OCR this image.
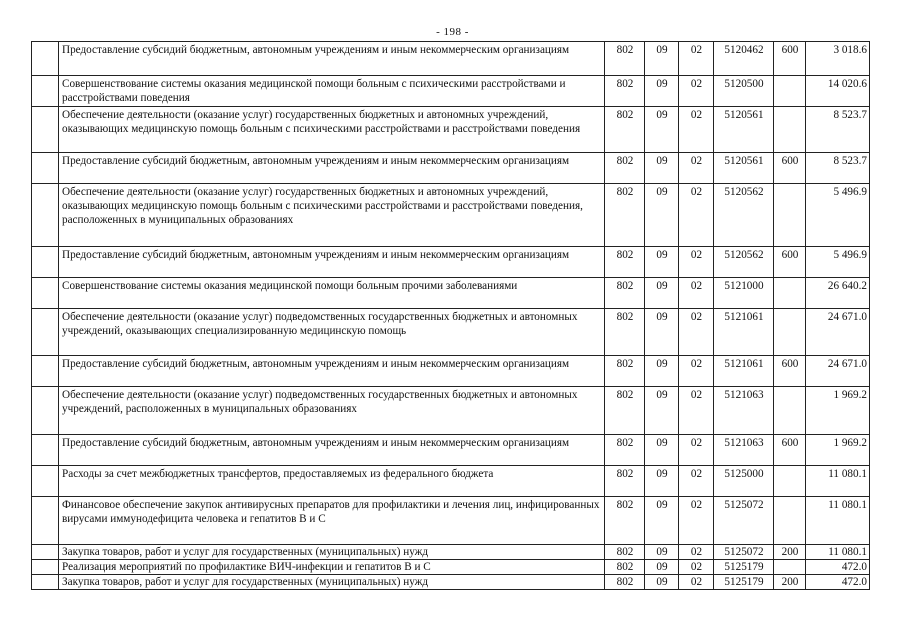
- 198 -
	Предоставление субсидий бюджетным, автономным учреждениям и иным некоммерческим организациям	802	09	02	5120462	600	3 018.6
	Совершенствование системы оказания медицинской помощи больным с психическими расстройствами и расстройствами поведения	802	09	02	5120500		14 020.6
	Обеспечение деятельности (оказание услуг) государственных бюджетных и автономных учреждений, оказывающих медицинскую помощь больным с психическими расстройствами и расстройствами поведения	802	09	02	5120561		8 523.7
	Предоставление субсидий бюджетным, автономным учреждениям и иным некоммерческим организациям	802	09	02	5120561	600	8 523.7
	Обеспечение деятельности (оказание услуг) государственных бюджетных и автономных учреждений, оказывающих медицинскую помощь больным с психическими расстройствами и расстройствами поведения, расположенных в муниципальных образованиях	802	09	02	5120562		5 496.9
	Предоставление субсидий бюджетным, автономным учреждениям и иным некоммерческим организациям	802	09	02	5120562	600	5 496.9
	Совершенствование системы оказания медицинской помощи больным прочими заболеваниями	802	09	02	5121000		26 640.2
	Обеспечение деятельности (оказание услуг) подведомственных государственных бюджетных и автономных учреждений, оказывающих специализированную медицинскую помощь	802	09	02	5121061		24 671.0
	Предоставление субсидий бюджетным, автономным учреждениям и иным некоммерческим организациям	802	09	02	5121061	600	24 671.0
	Обеспечение деятельности (оказание услуг) подведомственных государственных бюджетных и автономных учреждений, расположенных в муниципальных образованиях	802	09	02	5121063		1 969.2
	Предоставление субсидий бюджетным, автономным учреждениям и иным некоммерческим организациям	802	09	02	5121063	600	1 969.2
	Расходы за счет межбюджетных трансфертов, предоставляемых из федерального бюджета	802	09	02	5125000		11 080.1
	Финансовое обеспечение закупок антивирусных препаратов для профилактики и лечения лиц, инфицированных вирусами иммунодефицита человека и гепатитов В и С	802	09	02	5125072		11 080.1
	Закупка товаров, работ и услуг для государственных (муниципальных) нужд	802	09	02	5125072	200	11 080.1
	Реализация мероприятий по профилактике ВИЧ-инфекции и гепатитов В и С	802	09	02	5125179		472.0
	Закупка товаров, работ и услуг для государственных (муниципальных) нужд	802	09	02	5125179	200	472.0
